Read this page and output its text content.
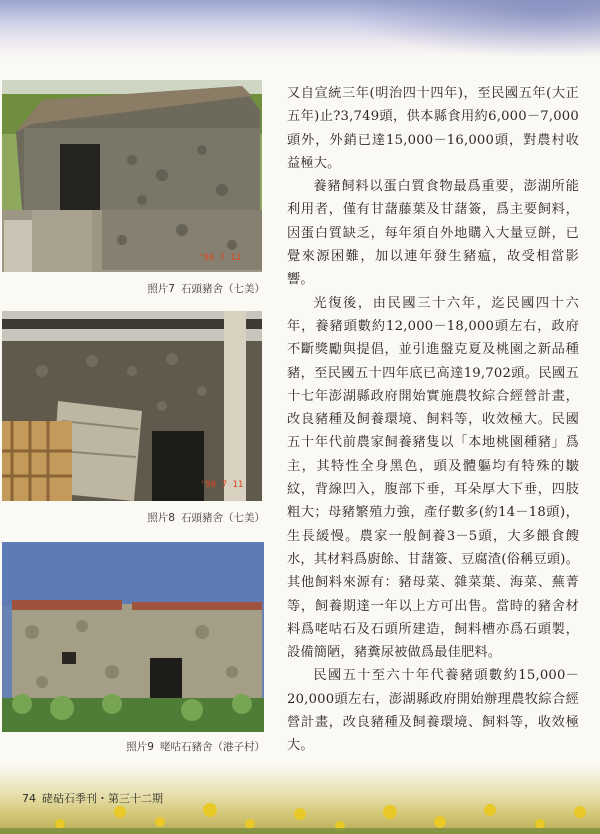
'96 7 11
照片7 石頭豬舍（七美）
'96 7 11
照片8 石頭豬舍（七美）
照片9 咾咕石豬舍（港子村）

又自宣統三年(明治四十四年)，至民國五年(大正五年)止?3,749頭，供本縣食用約6,000－7,000頭外，外銷已達15,000－16,000頭，對農村收益極大。

養豬飼料以蛋白質食物最爲重要，澎湖所能利用者，僅有甘藷藤葉及甘藷簽，爲主要飼料，因蛋白質缺乏，每年須自外地購入大量豆餅，已覺來源困難，加以連年發生豬瘟，故受相當影響。

光復後，由民國三十六年，迄民國四十六年，養豬頭數約12,000－18,000頭左右，政府不斷獎勵與提倡，並引進盤克夏及桃園之新品種豬，至民國五十四年底已高達19,702頭。民國五十七年澎湖縣政府開始實施農牧綜合經營計畫，改良豬種及飼養環境、飼料等，收效極大。民國五十年代前農家飼養豬隻以「本地桃園種豬」爲主，其特性全身黑色，頭及體軀均有特殊的皺紋，背線凹入，腹部下垂，耳朵厚大下垂，四肢粗大；母豬繁殖力強，產仔數多(約14－18頭)，生長緩慢。農家一般飼養3－5頭，大多餵食餿水，其材料爲廚餘、甘藷簽、豆腐渣(俗稱豆頭)。其他飼料來源有：豬母菜、雜菜葉、海菜、蕪菁等，飼養期達一年以上方可出售。當時的豬舍材料爲咾咕石及石頭所建造，飼料槽亦爲石頭製，設備簡陋，豬糞尿被做爲最佳肥料。

民國五十至六十年代養豬頭數約15,000－20,000頭左右，澎湖縣政府開始辦理農牧綜合經營計畫，改良豬種及飼養環境、飼料等，收效極大。

74 硓𥑮石季刊・第三十二期
